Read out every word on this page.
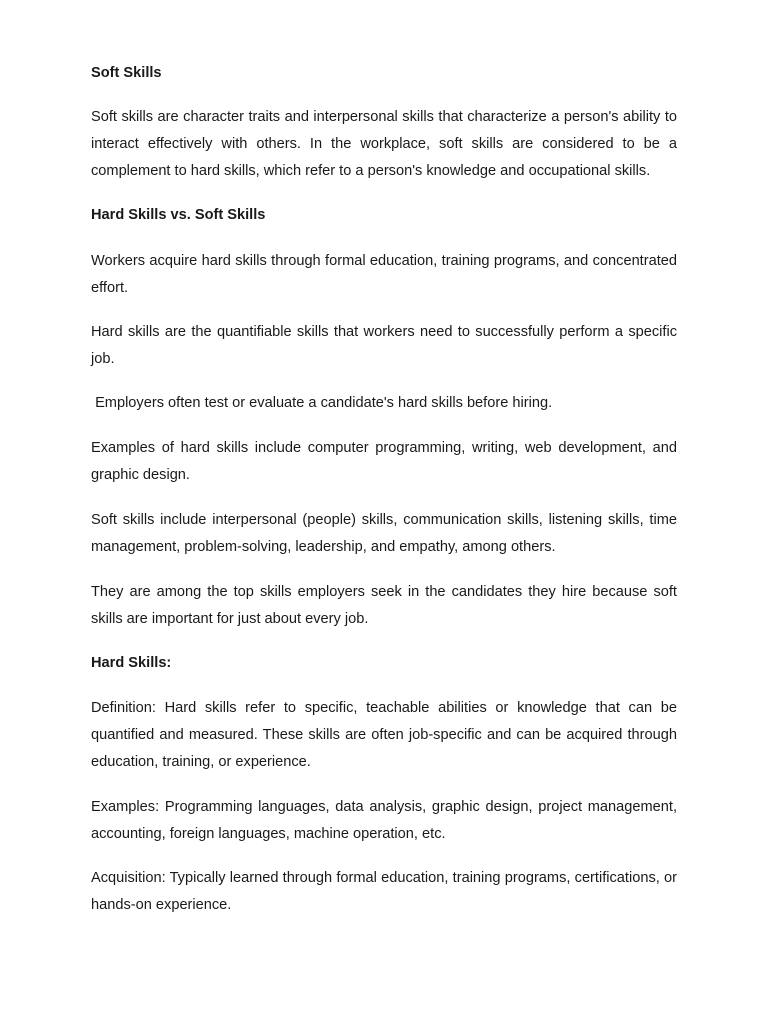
Soft Skills
Soft skills are character traits and interpersonal skills that characterize a person's ability to interact effectively with others. In the workplace, soft skills are considered to be a complement to hard skills, which refer to a person's knowledge and occupational skills.
Hard Skills vs. Soft Skills
Workers acquire hard skills through formal education, training programs, and concentrated effort.
Hard skills are the quantifiable skills that workers need to successfully perform a specific job.
Employers often test or evaluate a candidate's hard skills before hiring.
Examples of hard skills include computer programming, writing, web development, and graphic design.
Soft skills include interpersonal (people) skills, communication skills, listening skills, time management, problem-solving, leadership, and empathy, among others.
They are among the top skills employers seek in the candidates they hire because soft skills are important for just about every job.
Hard Skills:
Definition: Hard skills refer to specific, teachable abilities or knowledge that can be quantified and measured. These skills are often job-specific and can be acquired through education, training, or experience.
Examples: Programming languages, data analysis, graphic design, project management, accounting, foreign languages, machine operation, etc.
Acquisition: Typically learned through formal education, training programs, certifications, or hands-on experience.
